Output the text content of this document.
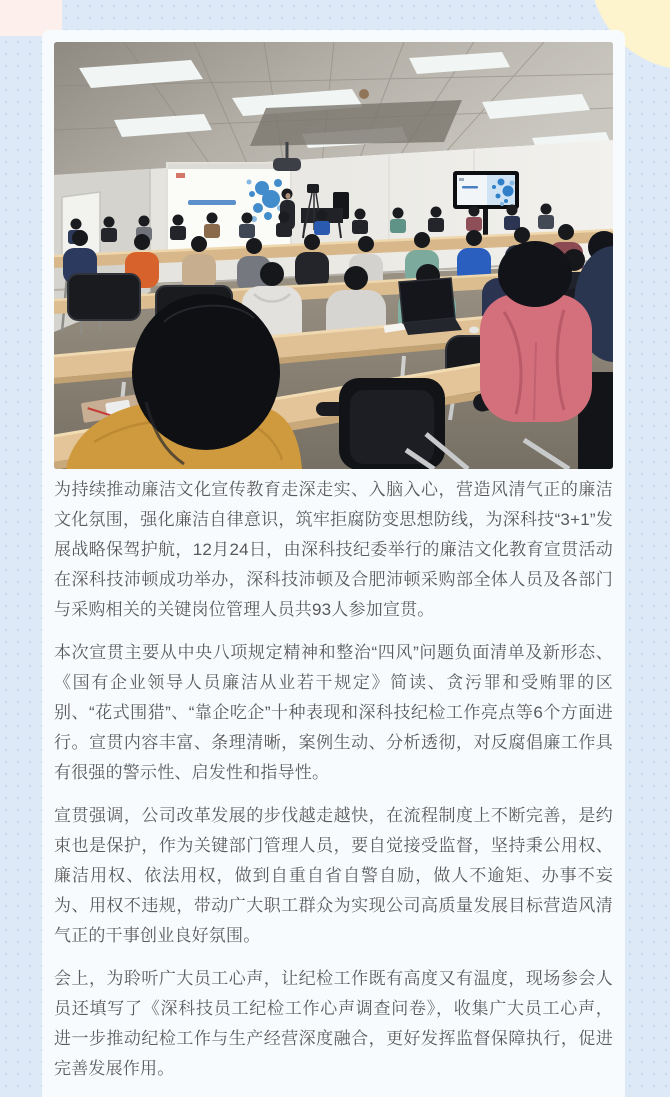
为持续推动廉洁文化宣传教育走深走实、入脑入心，营造风清气正的廉洁文化氛围，强化廉洁自律意识，筑牢拒腐防变思想防线，为深科技“3+1”发展战略保驾护航，12月24日，由深科技纪委举行的廉洁文化教育宣贯活动在深科技沛顿成功举办，深科技沛顿及合肥沛顿采购部全体人员及各部门与采购相关的关键岗位管理人员共93人参加宣贯。

本次宣贯主要从中央八项规定精神和整治“四风”问题负面清单及新形态、《国有企业领导人员廉洁从业若干规定》简读、贪污罪和受贿罪的区别、“花式围猎”、“靠企吃企”十种表现和深科技纪检工作亮点等6个方面进行。宣贯内容丰富、条理清晰，案例生动、分析透彻，对反腐倡廉工作具有很强的警示性、启发性和指导性。

宣贯强调，公司改革发展的步伐越走越快，在流程制度上不断完善，是约束也是保护，作为关键部门管理人员，要自觉接受监督，坚持秉公用权、廉洁用权、依法用权，做到自重自省自警自励，做人不逾矩、办事不妄为、用权不违规，带动广大职工群众为实现公司高质量发展目标营造风清气正的干事创业良好氛围。

会上，为聆听广大员工心声，让纪检工作既有高度又有温度，现场参会人员还填写了《深科技员工纪检工作心声调查问卷》，收集广大员工心声，进一步推动纪检工作与生产经营深度融合，更好发挥监督保障执行，促进完善发展作用。
